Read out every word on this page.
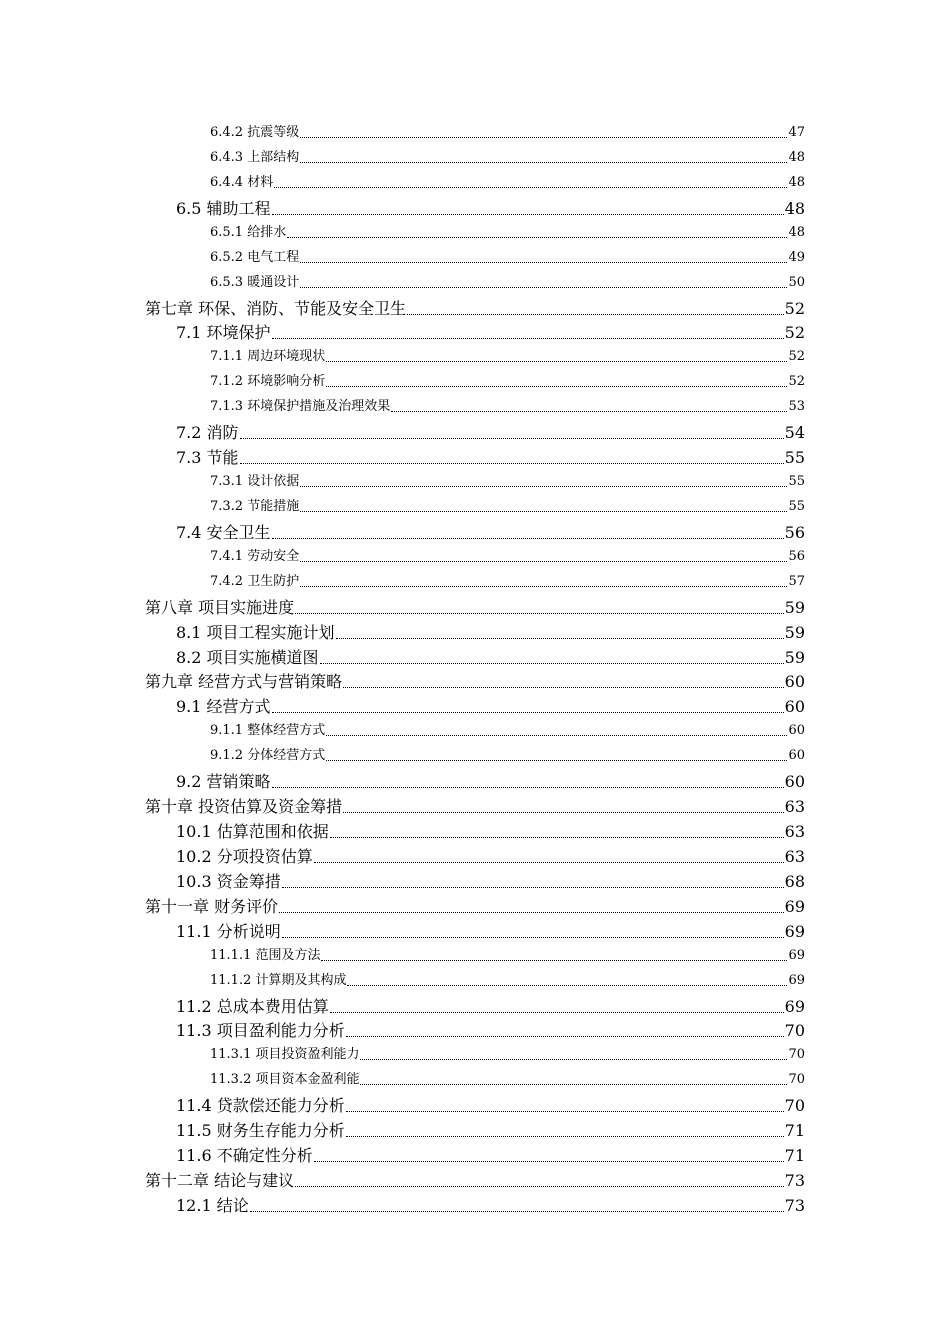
6.4.2 抗震等级	47
6.4.3 上部结构	48
6.4.4 材料	48
6.5 辅助工程	48
6.5.1 给排水	48
6.5.2 电气工程	49
6.5.3 暖通设计	50
第七章 环保、消防、节能及安全卫生	52
7.1 环境保护	52
7.1.1 周边环境现状	52
7.1.2 环境影响分析	52
7.1.3 环境保护措施及治理效果	53
7.2 消防	54
7.3 节能	55
7.3.1 设计依据	55
7.3.2 节能措施	55
7.4 安全卫生	56
7.4.1 劳动安全	56
7.4.2 卫生防护	57
第八章 项目实施进度	59
8.1 项目工程实施计划	59
8.2 项目实施横道图	59
第九章 经营方式与营销策略	60
9.1 经营方式	60
9.1.1 整体经营方式	60
9.1.2 分体经营方式	60
9.2 营销策略	60
第十章 投资估算及资金筹措	63
10.1 估算范围和依据	63
10.2 分项投资估算	63
10.3 资金筹措	68
第十一章 财务评价	69
11.1 分析说明	69
11.1.1 范围及方法	69
11.1.2 计算期及其构成	69
11.2 总成本费用估算	69
11.3 项目盈利能力分析	70
11.3.1 项目投资盈利能力	70
11.3.2 项目资本金盈利能	70
11.4 贷款偿还能力分析	70
11.5 财务生存能力分析	71
11.6 不确定性分析	71
第十二章 结论与建议	73
12.1 结论	73
